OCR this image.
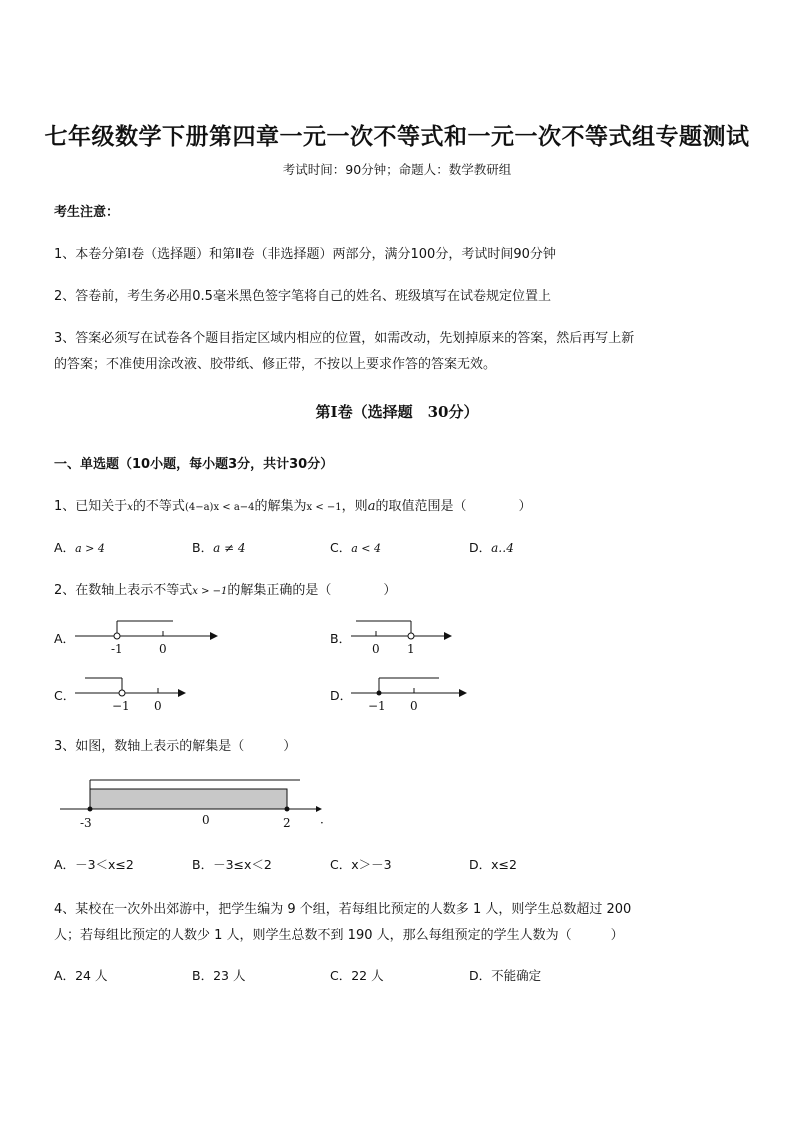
七年级数学下册第四章一元一次不等式和一元一次不等式组专题测试
考试时间：90分钟；命题人：数学教研组
考生注意：
1、本卷分第Ⅰ卷（选择题）和第Ⅱ卷（非选择题）两部分，满分100分，考试时间90分钟
2、答卷前，考生务必用0.5毫米黑色签字笔将自己的姓名、班级填写在试卷规定位置上
3、答案必须写在试卷各个题目指定区域内相应的位置，如需改动，先划掉原来的答案，然后再写上新
的答案；不准使用涂改液、胶带纸、修正带，不按以上要求作答的答案无效。
第Ⅰ卷（选择题　30分）
一、单选题（10小题，每小题3分，共计30分）
1、已知关于x的不等式(4−a)x < a−4的解集为x < −1，则a的取值范围是（　　　　）
A．a > 4	B．a ≠ 4	C．a < 4	D．a‥4
2、在数轴上表示不等式x > −1的解集正确的是（　　　　）
A．
-1	0
B．
0 1
C．
−1 0
D．
−1 0
3、如图，数轴上表示的解集是（　　　）
-3	0	2 ·
A．－3＜x≤2	B．－3≤x＜2	C．x＞－3	D．x≤2
4、某校在一次外出郊游中，把学生编为 9 个组，若每组比预定的人数多 1 人，则学生总数超过 200
人；若每组比预定的人数少 1 人，则学生总数不到 190 人，那么每组预定的学生人数为（　　　）
A．24 人	B．23 人	C．22 人	D．不能确定
